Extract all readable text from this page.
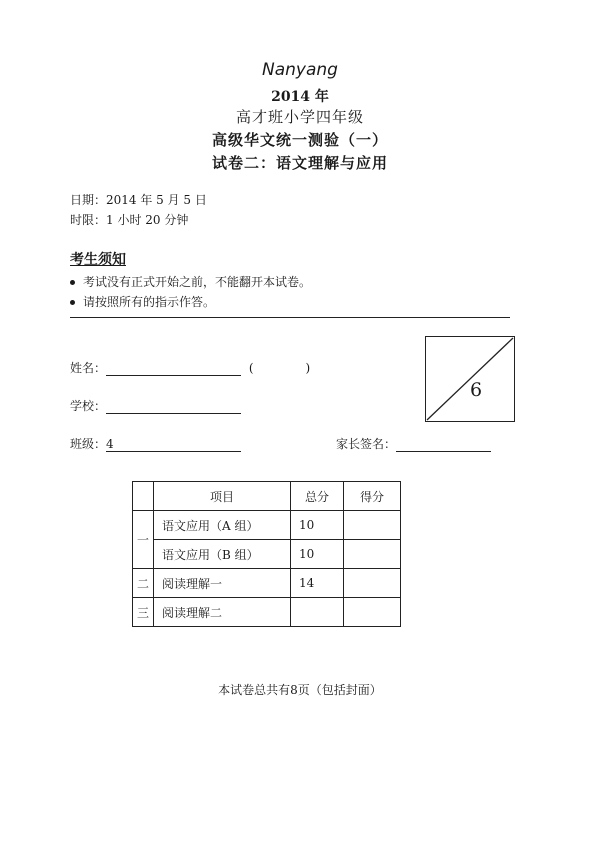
Nanyang
2014 年
高才班小学四年级
高级华文统一测验（一）
试卷二：语文理解与应用
日期：2014 年 5 月 5 日
时限：1 小时 20 分钟
考生须知
考试没有正式开始之前，不能翻开本试卷。
请按照所有的指示作答。
姓名：	(	)
学校：
班级：4	家长签名：
6
	项目	总分	得分
一	语文应用（A 组）	10	
	语文应用（B 组）	10	
二	阅读理解一	14	
三	阅读理解二		
本试卷总共有8页（包括封面）
